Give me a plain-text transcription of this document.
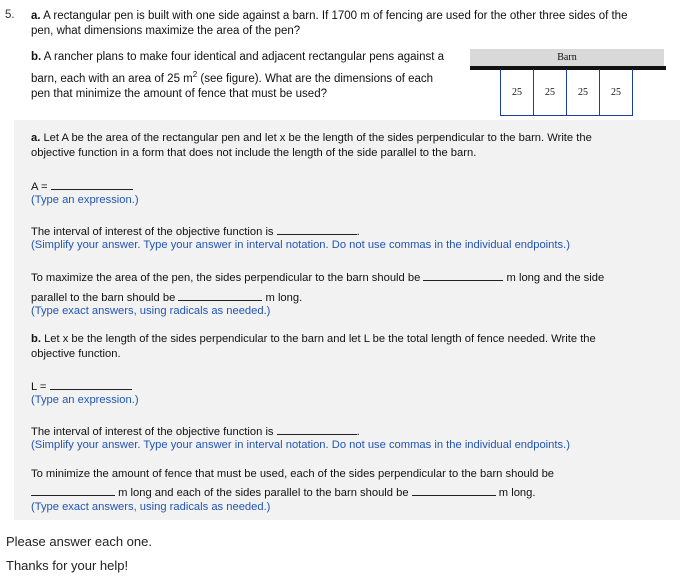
5. a. A rectangular pen is built with one side against a barn. If 1700 m of fencing are used for the other three sides of the
pen, what dimensions maximize the area of the pen?
b. A rancher plans to make four identical and adjacent rectangular pens against a
barn, each with an area of 25 $m^2$ (see figure). What are the dimensions of each
pen that minimize the amount of fence that must be used?
Barn
25	25	25	25
a. Let A be the area of the rectangular pen and let x be the length of the sides perpendicular to the barn. Write the
objective function in a form that does not include the length of the side parallel to the barn.
A =
(Type an expression.)
The interval of interest of the objective function is	.
(Simplify your answer. Type your answer in interval notation. Do not use commas in the individual endpoints.)
To maximize the area of the pen, the sides perpendicular to the barn should be	m long and the side
parallel to the barn should be	m long.
(Type exact answers, using radicals as needed.)
b. Let x be the length of the sides perpendicular to the barn and let L be the total length of fence needed. Write the
objective function.
L =
(Type an expression.)
The interval of interest of the objective function is	.
(Simplify your answer. Type your answer in interval notation. Do not use commas in the individual endpoints.)
To minimize the amount of fence that must be used, each of the sides perpendicular to the barn should be
m long and each of the sides parallel to the barn should be	m long.
(Type exact answers, using radicals as needed.)
Please answer each one.
Thanks for your help!
